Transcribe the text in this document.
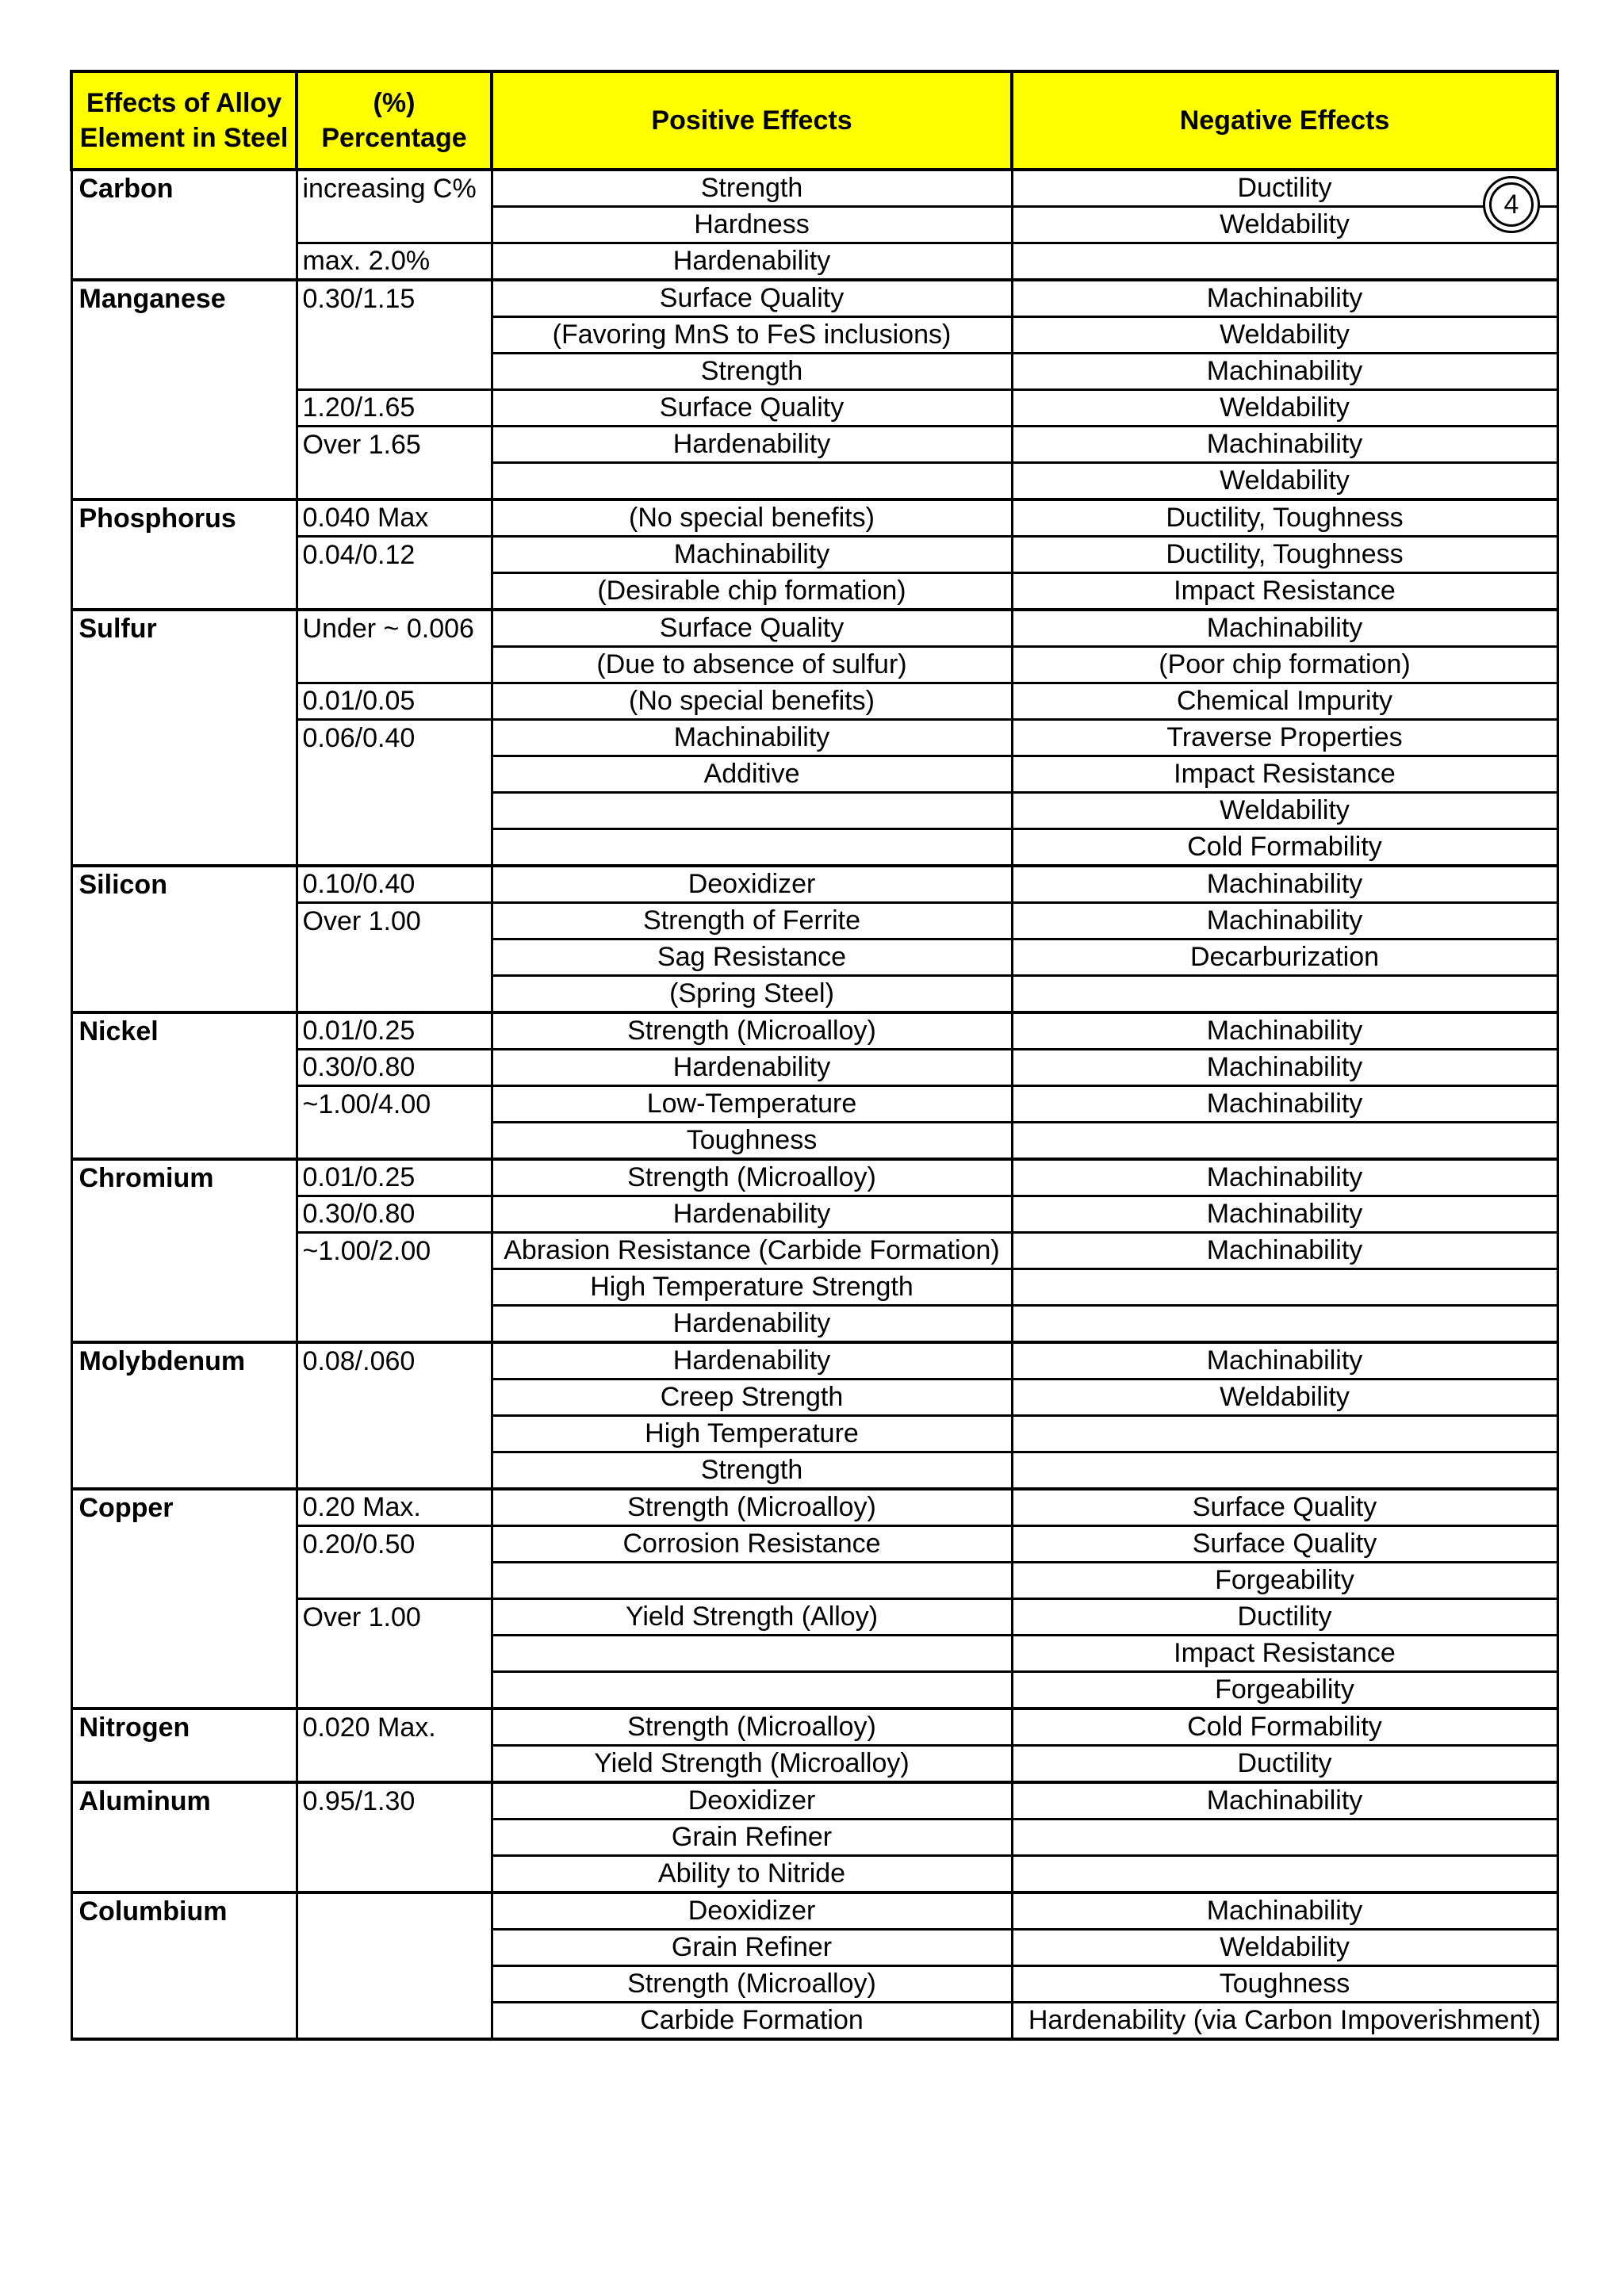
Effects of Alloy Element in Steel	(%) Percentage	Positive Effects	Negative Effects
Carbon	increasing C%	Strength	Ductility
		Hardness	Weldability
	max. 2.0%	Hardenability	
Manganese	0.30/1.15	Surface Quality	Machinability
		(Favoring MnS to FeS inclusions)	Weldability
		Strength	Machinability
	1.20/1.65	Surface Quality	Weldability
	Over 1.65	Hardenability	Machinability
			Weldability
Phosphorus	0.040 Max	(No special benefits)	Ductility, Toughness
	0.04/0.12	Machinability	Ductility, Toughness
		(Desirable chip formation)	Impact Resistance
Sulfur	Under ~ 0.006	Surface Quality	Machinability
		(Due to absence of sulfur)	(Poor chip formation)
	0.01/0.05	(No special benefits)	Chemical Impurity
	0.06/0.40	Machinability	Traverse Properties
		Additive	Impact Resistance
			Weldability
			Cold Formability
Silicon	0.10/0.40	Deoxidizer	Machinability
	Over 1.00	Strength of Ferrite	Machinability
		Sag Resistance	Decarburization
		(Spring Steel)	
Nickel	0.01/0.25	Strength (Microalloy)	Machinability
	0.30/0.80	Hardenability	Machinability
	~1.00/4.00	Low-Temperature	Machinability
		Toughness	
Chromium	0.01/0.25	Strength (Microalloy)	Machinability
	0.30/0.80	Hardenability	Machinability
	~1.00/2.00	Abrasion Resistance (Carbide Formation)	Machinability
		High Temperature Strength	
		Hardenability	
Molybdenum	0.08/.060	Hardenability	Machinability
		Creep Strength	Weldability
		High Temperature	
		Strength	
Copper	0.20 Max.	Strength (Microalloy)	Surface Quality
	0.20/0.50	Corrosion Resistance	Surface Quality
			Forgeability
	Over 1.00	Yield Strength (Alloy)	Ductility
			Impact Resistance
			Forgeability
Nitrogen	0.020 Max.	Strength (Microalloy)	Cold Formability
		Yield Strength (Microalloy)	Ductility
Aluminum	0.95/1.30	Deoxidizer	Machinability
		Grain Refiner	
		Ability to Nitride	
Columbium		Deoxidizer	Machinability
		Grain Refiner	Weldability
		Strength (Microalloy)	Toughness
		Carbide Formation	Hardenability (via Carbon Impoverishment)
4
